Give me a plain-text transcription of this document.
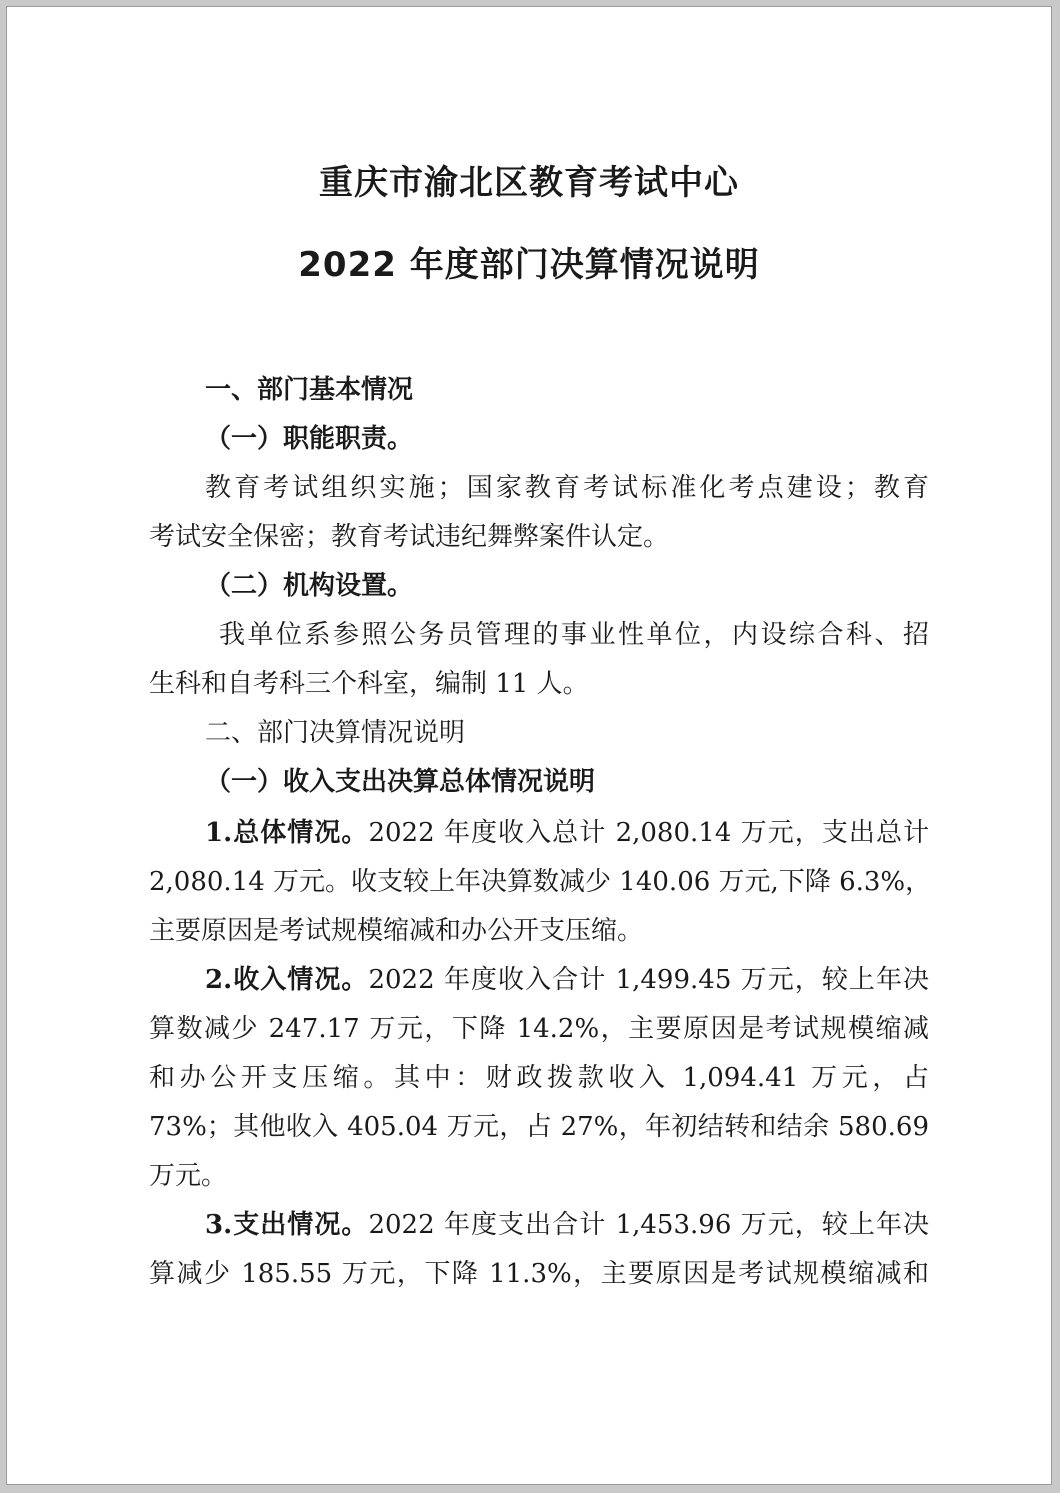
重庆市渝北区教育考试中心
2022 年度部门决算情况说明

一、部门基本情况

（一）职能职责。

教育考试组织实施；国家教育考试标准化考点建设；教育

考试安全保密；教育考试违纪舞弊案件认定。

（二）机构设置。

我单位系参照公务员管理的事业性单位，内设综合科、招

生科和自考科三个科室，编制 11 人。

二、部门决算情况说明

（一）收入支出决算总体情况说明

1.总体情况。2022 年度收入总计 2,080.14 万元，支出总计

2,080.14 万元。收支较上年决算数减少 140.06 万元,下降 6.3%，

主要原因是考试规模缩减和办公开支压缩。

2.收入情况。2022 年度收入合计 1,499.45 万元，较上年决

算数减少 247.17 万元，下降 14.2%，主要原因是考试规模缩减

和办公开支压缩。其中：财政拨款收入 1,094.41 万元，占

73%；其他收入 405.04 万元，占 27%，年初结转和结余 580.69

万元。

3.支出情况。2022 年度支出合计 1,453.96 万元，较上年决

算减少 185.55 万元，下降 11.3%，主要原因是考试规模缩减和
